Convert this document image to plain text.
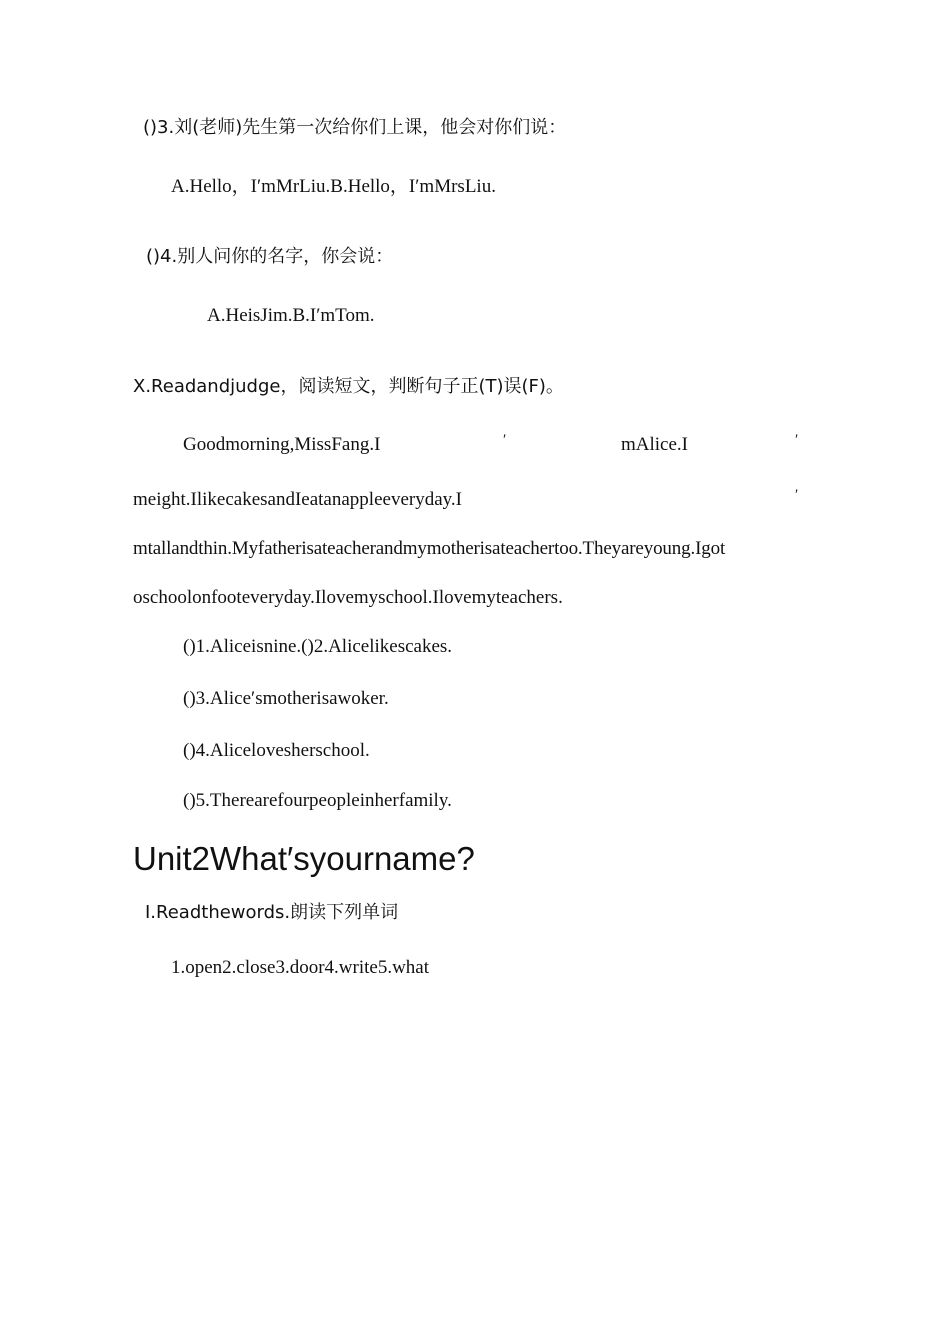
()3.刘(老师)先生第一次给你们上课，他会对你们说：
A.Hello，I′mMrLiu.B.Hello，I′mMrsLiu.
()4.别人问你的名字，你会说：
A.HeisJim.B.I′mTom.
Ⅹ.Readandjudge，阅读短文，判断句子正(T)误(F)。
Goodmorning,MissFang.I	′	mAlice.I	′
meight.IlikecakesandIeatanappleeveryday.I	′
mtallandthin.Myfatherisateacherandmymotherisateachertoo.Theyareyoung.Igot
oschoolonfooteveryday.Ilovemyschool.Ilovemyteachers.
()1.Aliceisnine.()2.Alicelikescakes.
()3.Alice′smotherisawoker.
()4.Alicelovesherschool.
()5.Therearefourpeopleinherfamily.
Unit2What′syourname?
Ⅰ.Readthewords.朗读下列单词
1.open2.close3.door4.write5.what
